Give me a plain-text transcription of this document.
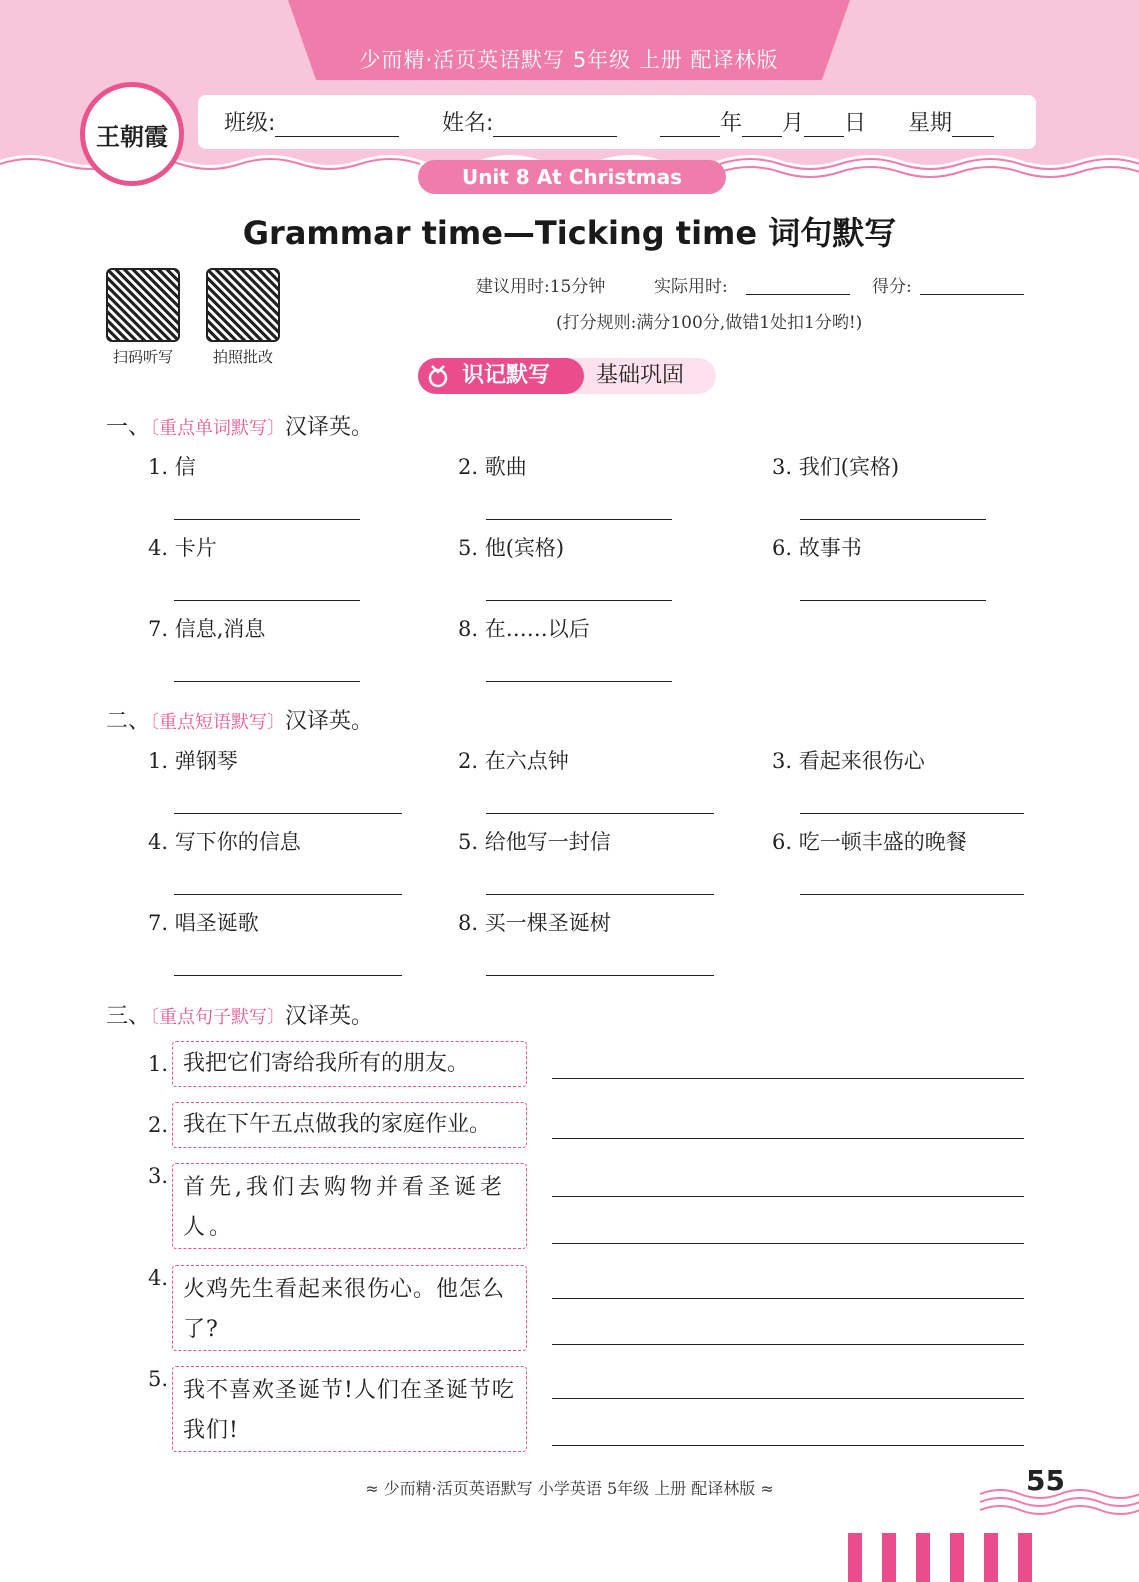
少而精·活页英语默写 5年级 上册 配译林版
王朝霞	班级:	姓名:	年 月 日 星期
Unit 8 At Christmas
Grammar time—Ticking time 词句默写
扫码听写	拍照批改
建议用时:15分钟	实际用时:	得分:
(打分规则:满分100分,做错1处扣1分哟!)
识记默写	基础巩固
一、〔重点单词默写〕汉译英。
1. 信	2. 歌曲	3. 我们(宾格)
4. 卡片	5. 他(宾格)	6. 故事书
7. 信息,消息	8. 在……以后
二、〔重点短语默写〕汉译英。
1. 弹钢琴	2. 在六点钟	3. 看起来很伤心
4. 写下你的信息	5. 给他写一封信	6. 吃一顿丰盛的晚餐
7. 唱圣诞歌	8. 买一棵圣诞树
三、〔重点句子默写〕汉译英。
1. 我把它们寄给我所有的朋友。
2. 我在下午五点做我的家庭作业。
3. 首先,我们去购物并看圣诞老人。
4. 火鸡先生看起来很伤心。他怎么了?
5. 我不喜欢圣诞节!人们在圣诞节吃我们!
≈ 少而精·活页英语默写 小学英语 5年级 上册 配译林版 ≈	55
